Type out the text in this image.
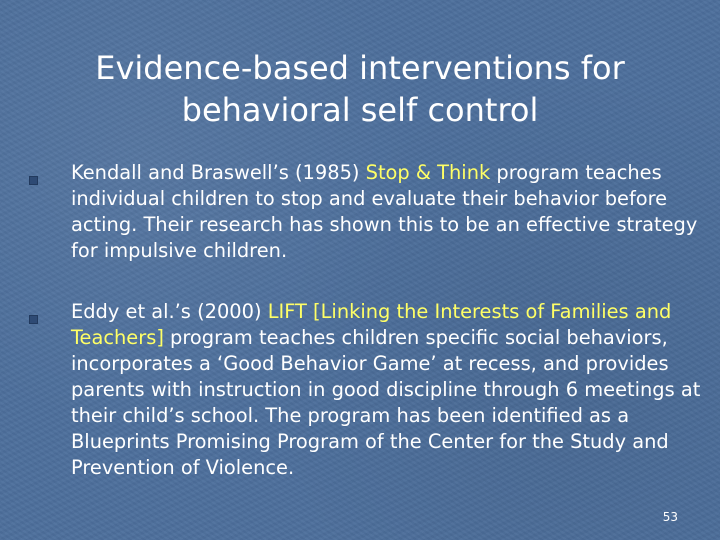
Evidence-based interventions for
behavioral self control
Kendall and Braswell’s (1985) Stop & Think program teaches individual children to stop and evaluate their behavior before acting. Their research has shown this to be an effective strategy for impulsive children.
Eddy et al.’s (2000) LIFT [Linking the Interests of Families and Teachers] program teaches children specific social behaviors, incorporates a ‘Good Behavior Game’ at recess, and provides parents with instruction in good discipline through 6 meetings at their child’s school. The program has been identified as a Blueprints Promising Program of the Center for the Study and Prevention of Violence.
53
